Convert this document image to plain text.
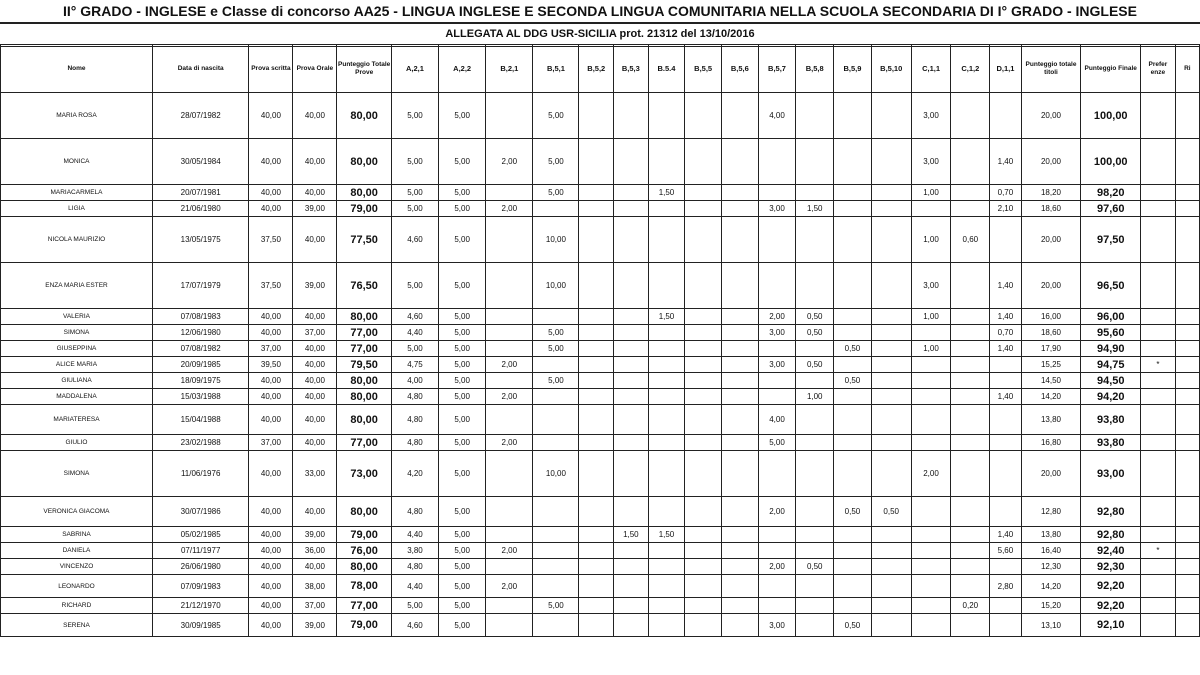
II° GRADO - INGLESE e Classe di concorso AA25 - LINGUA INGLESE E SECONDA LINGUA COMUNITARIA NELLA SCUOLA SECONDARIA DI I° GRADO - INGLESE
ALLEGATA AL DDG USR-SICILIA prot. 21312 del 13/10/2016
Nome	Data di nascita	Prova scritta	Prova Orale	Punteggio Totale Prove	A,2,1	A,2,2	B,2,1	B,5,1	B,5,2	B,5,3	B.5.4	B,5,5	B,5,6	B,5,7	B,5,8	B,5,9	B,5,10	C,1,1	C,1,2	D,1,1	Punteggio totale titoli	Punteggio Finale	Prefer enze	Ri
MARIA ROSA	28/07/1982	40,00	40,00	80,00	5,00	5,00		5,00						4,00				3,00			20,00	100,00		
MONICA	30/05/1984	40,00	40,00	80,00	5,00	5,00	2,00	5,00										3,00		1,40	20,00	100,00		
MARIACARMELA	20/07/1981	40,00	40,00	80,00	5,00	5,00		5,00			1,50							1,00		0,70	18,20	98,20		
LIGIA	21/06/1980	40,00	39,00	79,00	5,00	5,00	2,00							3,00	1,50					2,10	18,60	97,60		
NICOLA MAURIZIO	13/05/1975	37,50	40,00	77,50	4,60	5,00		10,00										1,00	0,60		20,00	97,50		
ENZA MARIA ESTER	17/07/1979	37,50	39,00	76,50	5,00	5,00		10,00										3,00		1,40	20,00	96,50		
VALERIA	07/08/1983	40,00	40,00	80,00	4,60	5,00					1,50			2,00	0,50			1,00		1,40	16,00	96,00		
SIMONA	12/06/1980	40,00	37,00	77,00	4,40	5,00		5,00						3,00	0,50					0,70	18,60	95,60		
GIUSEPPINA	07/08/1982	37,00	40,00	77,00	5,00	5,00		5,00								0,50		1,00		1,40	17,90	94,90		
ALICE MARIA	20/09/1985	39,50	40,00	79,50	4,75	5,00	2,00							3,00	0,50						15,25	94,75	*	
GIULIANA	18/09/1975	40,00	40,00	80,00	4,00	5,00		5,00								0,50					14,50	94,50		
MADDALENA	15/03/1988	40,00	40,00	80,00	4,80	5,00	2,00								1,00					1,40	14,20	94,20		
MARIATERESA	15/04/1988	40,00	40,00	80,00	4,80	5,00								4,00							13,80	93,80		
GIULIO	23/02/1988	37,00	40,00	77,00	4,80	5,00	2,00							5,00							16,80	93,80		
SIMONA	11/06/1976	40,00	33,00	73,00	4,20	5,00		10,00										2,00			20,00	93,00		
VERONICA GIACOMA	30/07/1986	40,00	40,00	80,00	4,80	5,00								2,00		0,50	0,50				12,80	92,80		
SABRINA	05/02/1985	40,00	39,00	79,00	4,40	5,00				1,50	1,50									1,40	13,80	92,80		
DANIELA	07/11/1977	40,00	36,00	76,00	3,80	5,00	2,00													5,60	16,40	92,40	*	
VINCENZO	26/06/1980	40,00	40,00	80,00	4,80	5,00								2,00	0,50						12,30	92,30		
LEONARDO	07/09/1983	40,00	38,00	78,00	4,40	5,00	2,00													2,80	14,20	92,20		
RICHARD	21/12/1970	40,00	37,00	77,00	5,00	5,00		5,00											0,20		15,20	92,20		
SERENA	30/09/1985	40,00	39,00	79,00	4,60	5,00								3,00		0,50					13,10	92,10		
